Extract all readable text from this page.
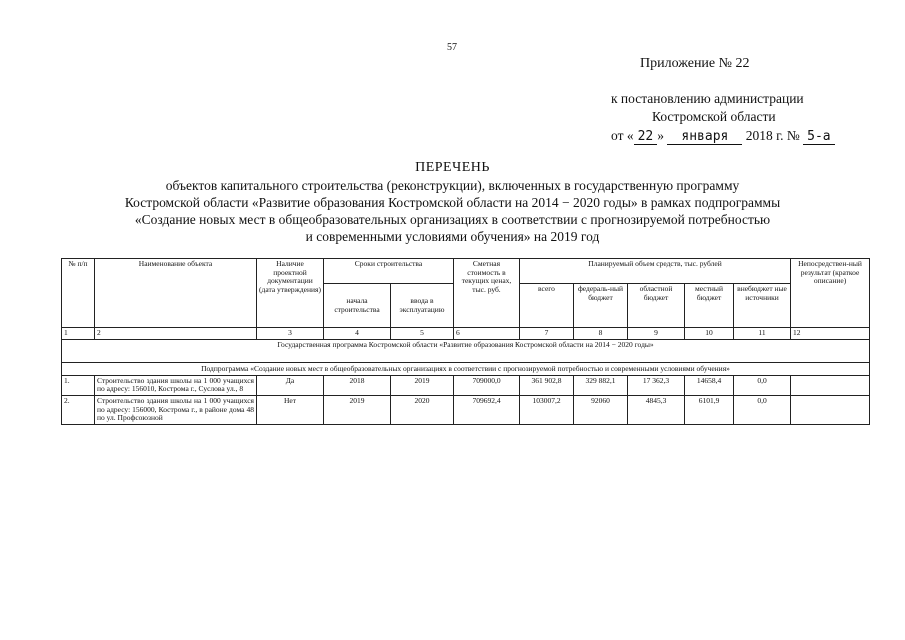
57
Приложение № 22
к постановлению администрации
Костромской области
от « 22 » января 2018 г. № 5-а
ПЕРЕЧЕНЬ
объектов капитального строительства (реконструкции), включенных в государственную программу
Костромской области «Развитие образования Костромской области на 2014 − 2020 годы» в рамках подпрограммы
«Создание новых мест в общеобразовательных организациях в соответствии с прогнозируемой потребностью
и современными условиями обучения» на 2019 год
№ п/п	Наименование объекта	Наличие проектной документации (дата утверждения)	Сроки строительства		Сметная стоимость в текущих ценах, тыс. руб.	Планируемый объем средств, тыс. рублей					Непосредствен-ный результат (краткое описание)
			начала строительства	ввода в эксплуатацию		всего	федераль-ный бюджет	областной бюджет	местный бюджет	внебюджет ные источники	
1	2	3	4	5	6	7	8	9	10	11	12
Государственная программа Костромской области «Развитие образования Костромской области на 2014 − 2020 годы»											
Подпрограмма «Создание новых мест в общеобразовательных организациях в соответствии с прогнозируемой потребностью и современными условиями обучения»											
1.	Строительство здания школы на 1 000 учащихся по адресу: 156010, Кострома г., Суслова ул., 8	Да	2018	2019	709000,0	361 902,8	329 882,1	17 362,3	14658,4	0,0	
2.	Строительство здания школы на 1 000 учащихся по адресу: 156000, Кострома г., в районе дома 48 по ул. Профсоюзной	Нет	2019	2020	709692,4	103007,2	92060	4845,3	6101,9	0,0	
